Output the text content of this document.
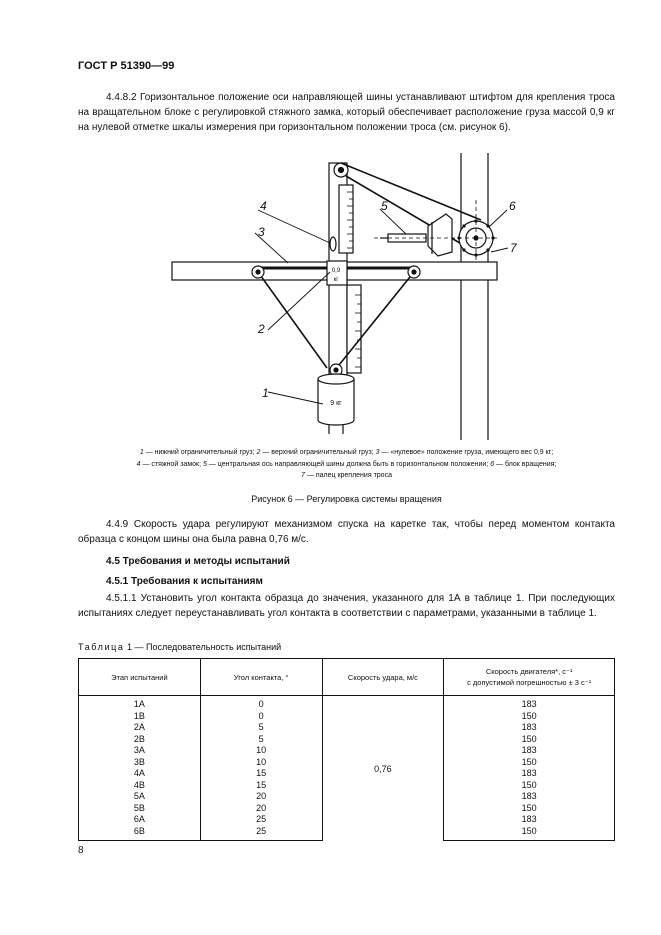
ГОСТ Р 51390—99

4.4.8.2 Горизонтальное положение оси направляющей шины устанавливают штифтом для крепления троса на вращательном блоке с регулировкой стяжного замка, который обеспечивает расположение груза массой 0,9 кг на нулевой отметке шкалы измерения при горизонтальном положении троса (см. рисунок 6).

1
2
3
4	5	6
7
0,9
кг
9 кг

1 — нижний ограничительный груз; 2 — верхний ограничительный груз; 3 — «нулевое» положение груза, имеющего вес 0,9 кг;
4 — стяжной замок; 5 — центральная ось направляющей шины должна быть в горизонтальном положении; 6 — блок вращения;
7 — палец крепления троса

Рисунок 6 — Регулировка системы вращения

4.4.9 Скорость удара регулируют механизмом спуска на каретке так, чтобы перед моментом контакта образца с концом шины она была равна 0,76 м/с.

4.5 Требования и методы испытаний
4.5.1 Требования к испытаниям

4.5.1.1 Установить угол контакта образца до значения, указанного для 1А в таблице 1. При последующих испытаниях следует переустанавливать угол контакта в соответствии с параметрами, указанными в таблице 1.

Таблица 1 — Последовательность испытаний
Этап испытаний	Угол контакта, °	Скорость удара, м/с	Скорость двигателя*, с⁻¹
с допустимой погрешностью ± 3 с⁻¹
1А	0	0,76	183
1В	0		150
2А	5		183
2В	5		150
3А	10		183
3В	10		150
4А	15		183
4В	15		150
5А	20		183
5В	20		150
6А	25		183
6В	25		150
8
